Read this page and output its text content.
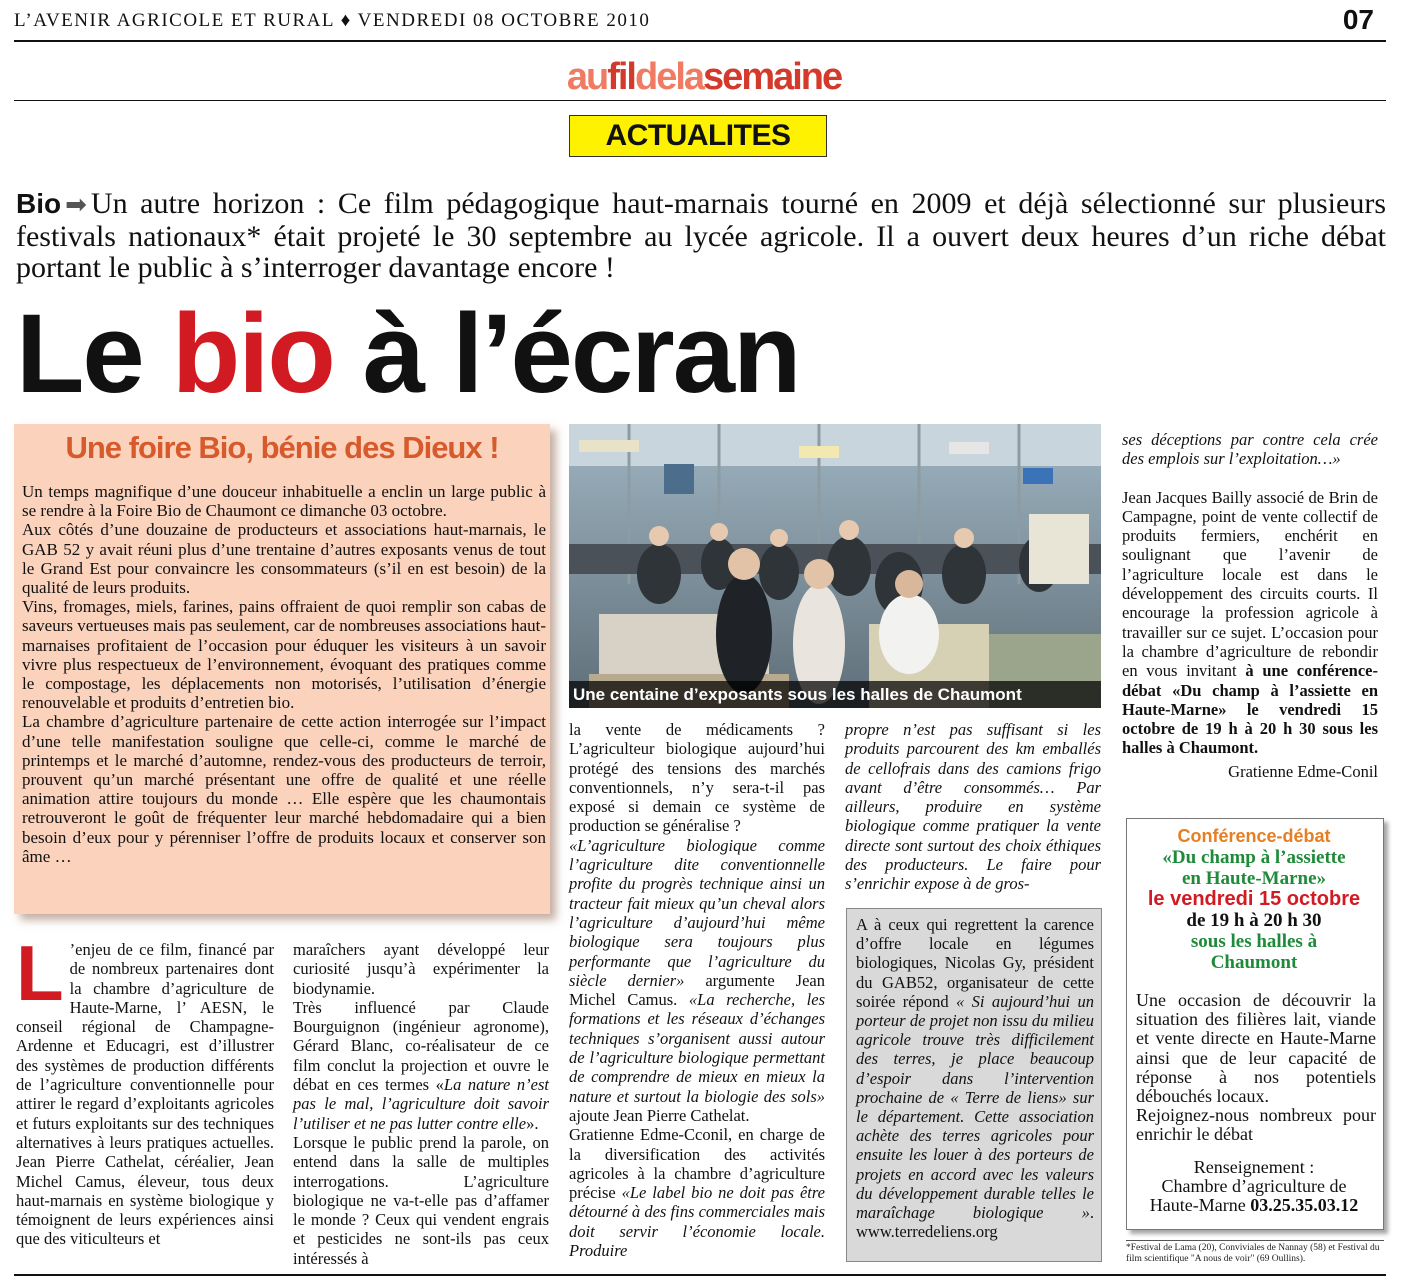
L’AVENIR AGRICOLE ET RURAL ♦ VENDREDI 08 OCTOBRE 2010	07
aufildelasemaine
ACTUALITES
Bio ➡ Un autre horizon : Ce film pédagogique haut-marnais tourné en 2009 et déjà sélectionné sur plusieurs festivals nationaux* était projeté le 30 septembre au lycée agricole. Il a ouvert deux heures d’un riche débat portant le public à s’interroger davantage encore !
Le bio à l’écran
Une foire Bio, bénie des Dieux !

Un temps magnifique d’une douceur inhabituelle a enclin un large public à se rendre à la Foire Bio de Chaumont ce dimanche 03 octobre.

Aux côtés d’une douzaine de producteurs et associations haut-marnais, le GAB 52 y avait réuni plus d’une trentaine d’autres exposants venus de tout le Grand Est pour convaincre les consommateurs (s’il en est besoin) de la qualité de leurs produits.

Vins, fromages, miels, farines, pains offraient de quoi remplir son cabas de saveurs vertueuses mais pas seulement, car de nombreuses associations haut-marnaises profitaient de l’occasion pour éduquer les visiteurs à un savoir vivre plus respectueux de l’environnement, évoquant des pratiques comme le compostage, les déplacements non motorisés, l’utilisation d’énergie renouvelable et produits d’entretien bio.

La chambre d’agriculture partenaire de cette action interrogée sur l’impact d’une telle manifestation souligne que celle-ci, comme le marché de printemps et le marché d’automne, rendez-vous des producteurs de terroir, prouvent qu’un marché présentant une offre de qualité et une réelle animation attire toujours du monde … Elle espère que les chaumontais retrouveront le goût de fréquenter leur marché hebdomadaire qui a bien besoin d’eux pour y pérenniser l’offre de produits locaux et conserver son âme …

Une centaine d’exposants sous les halles de Chaumont

L ’enjeu de ce film, financé par de nombreux partenaires dont la chambre d’agriculture de Haute-Marne, l’ AESN, le conseil régional de Champagne-Ardenne et Educagri, est d’illustrer des systèmes de production différents de l’agriculture conventionnelle pour attirer le regard d’exploitants agricoles et futurs exploitants sur des techniques alternatives à leurs pratiques actuelles. Jean Pierre Cathelat, céréalier, Jean Michel Camus, éleveur, tous deux haut-marnais en système biologique y témoignent de leurs expériences ainsi que des viticulteurs et

maraîchers ayant développé leur curiosité jusqu’à expérimenter la biodynamie.

Très influencé par Claude Bourguignon (ingénieur agronome), Gérard Blanc, co-réalisateur de ce film conclut la projection et ouvre le débat en ces termes «La nature n’est pas le mal, l’agriculture doit savoir l’utiliser et ne pas lutter contre elle».

Lorsque le public prend la parole, on entend dans la salle de multiples interrogations. L’agriculture biologique ne va-t-elle pas d’affamer le monde ? Ceux qui vendent engrais et pesticides ne sont-ils pas ceux intéressés à

la vente de médicaments ? L’agriculteur biologique aujourd’hui protégé des tensions des marchés conventionnels, n’y sera-t-il pas exposé si demain ce système de production se généralise ?

«L’agriculture biologique comme l’agriculture dite conventionnelle profite du progrès technique ainsi un tracteur fait mieux qu’un cheval alors l’agriculture d’aujourd’hui même biologique sera toujours plus performante que l’agriculture du siècle dernier» argumente Jean Michel Camus. «La recherche, les formations et les réseaux d’échanges techniques s’organisent aussi autour de l’agriculture biologique permettant de comprendre de mieux en mieux la nature et surtout la biologie des sols» ajoute Jean Pierre Cathelat.

Gratienne Edme-Cconil, en charge de la diversification des activités agricoles à la chambre d’agriculture précise «Le label bio ne doit pas être détourné à des fins commerciales mais doit servir l’économie locale. Produire

propre n’est pas suffisant si les produits parcourent des km emballés de cellofrais dans des camions frigo avant d’être consommés… Par ailleurs, produire en système biologique comme pratiquer la vente directe sont surtout des choix éthiques des producteurs. Le faire pour s’enrichir expose à de gros-

A à ceux qui regrettent la carence d’offre locale en légumes biologiques, Nicolas Gy, président du GAB52, organisateur de cette soirée répond « Si aujourd’hui un porteur de projet non issu du milieu agricole trouve très difficilement des terres, je place beaucoup d’espoir dans l’intervention prochaine de « Terre de liens» sur le département. Cette association achète des terres agricoles pour ensuite les louer à des porteurs de projets en accord avec les valeurs du développement durable telles le maraîchage biologique ». www.terredeliens.org

ses déceptions par contre cela crée des emplois sur l’exploitation…»

Jean Jacques Bailly associé de Brin de Campagne, point de vente collectif de produits fermiers, enchérit en soulignant que l’avenir de l’agriculture locale est dans le développement des circuits courts. Il encourage la profession agricole à travailler sur ce sujet. L’occasion pour la chambre d’agriculture de rebondir en vous invitant à une conférence-débat «Du champ à l’assiette en Haute-Marne» le vendredi 15 octobre de 19 h à 20 h 30 sous les halles à Chaumont.

Gratienne Edme-Conil

Conférence-débat
«Du champ à l’assiette
en Haute-Marne»
le vendredi 15 octobre
de 19 h à 20 h 30
sous les halles à
Chaumont
Une occasion de découvrir la situation des filières lait, viande et vente directe en Haute-Marne ainsi que de leur capacité de réponse à nos potentiels débouchés locaux.
Rejoignez-nous nombreux pour enrichir le débat
Renseignement :
Chambre d’agriculture de
Haute-Marne 03.25.35.03.12
*Festival de Lama (20), Conviviales de Nannay (58) et Festival du film scientifique "A nous de voir" (69 Oullins).
